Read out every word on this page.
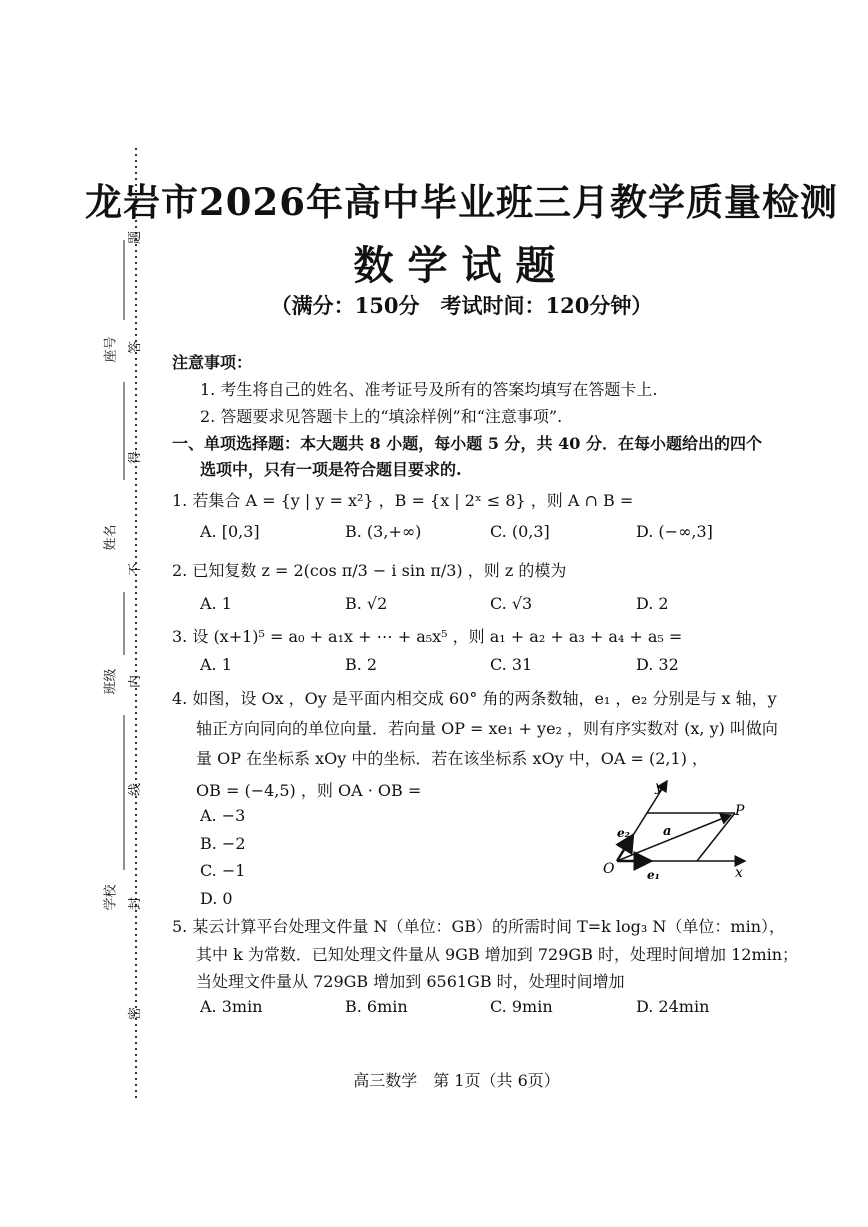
座号
姓名
班级
学校
题
答
得
不
内
线
封
密
龙岩市2026年高中毕业班三月教学质量检测
数学试题
（满分：150分　考试时间：120分钟）
注意事项：
1. 考生将自己的姓名、准考证号及所有的答案均填写在答题卡上.
2. 答题要求见答题卡上的“填涂样例”和“注意事项”.
一、单项选择题：本大题共 8 小题，每小题 5 分，共 40 分．在每小题给出的四个
选项中，只有一项是符合题目要求的.
1. 若集合 A = {y | y = x²} ，B = {x | 2ˣ ≤ 8} ，则 A ∩ B =
A. [0,3]	B. (3,+∞)	C. (0,3]	D. (−∞,3]
2. 已知复数 z = 2(cos π/3 − i sin π/3) ，则 z 的模为
A. 1	B. √2	C. √3	D. 2
3. 设 (x+1)⁵ = a₀ + a₁x + ⋯ + a₅x⁵ ，则 a₁ + a₂ + a₃ + a₄ + a₅ =
A. 1	B. 2	C. 31	D. 32
4. 如图，设 Ox ，Oy 是平面内相交成 60° 角的两条数轴，e₁ ，e₂ 分别是与 x 轴，y
轴正方向同向的单位向量．若向量 OP = xe₁ + ye₂ ，则有序实数对 (x, y) 叫做向
量 OP 在坐标系 xOy 中的坐标．若在该坐标系 xOy 中，OA = (2,1) ，
OB = (−4,5) ，则 OA · OB =
A. −3
B. −2
C. −1
D. 0
y
P
a
e₂
O	e₁	x
5. 某云计算平台处理文件量 N（单位：GB）的所需时间 T=k log₃ N（单位：min），
其中 k 为常数．已知处理文件量从 9GB 增加到 729GB 时，处理时间增加 12min；
当处理文件量从 729GB 增加到 6561GB 时，处理时间增加
A. 3min	B. 6min	C. 9min	D. 24min
高三数学　第 1页（共 6页）
